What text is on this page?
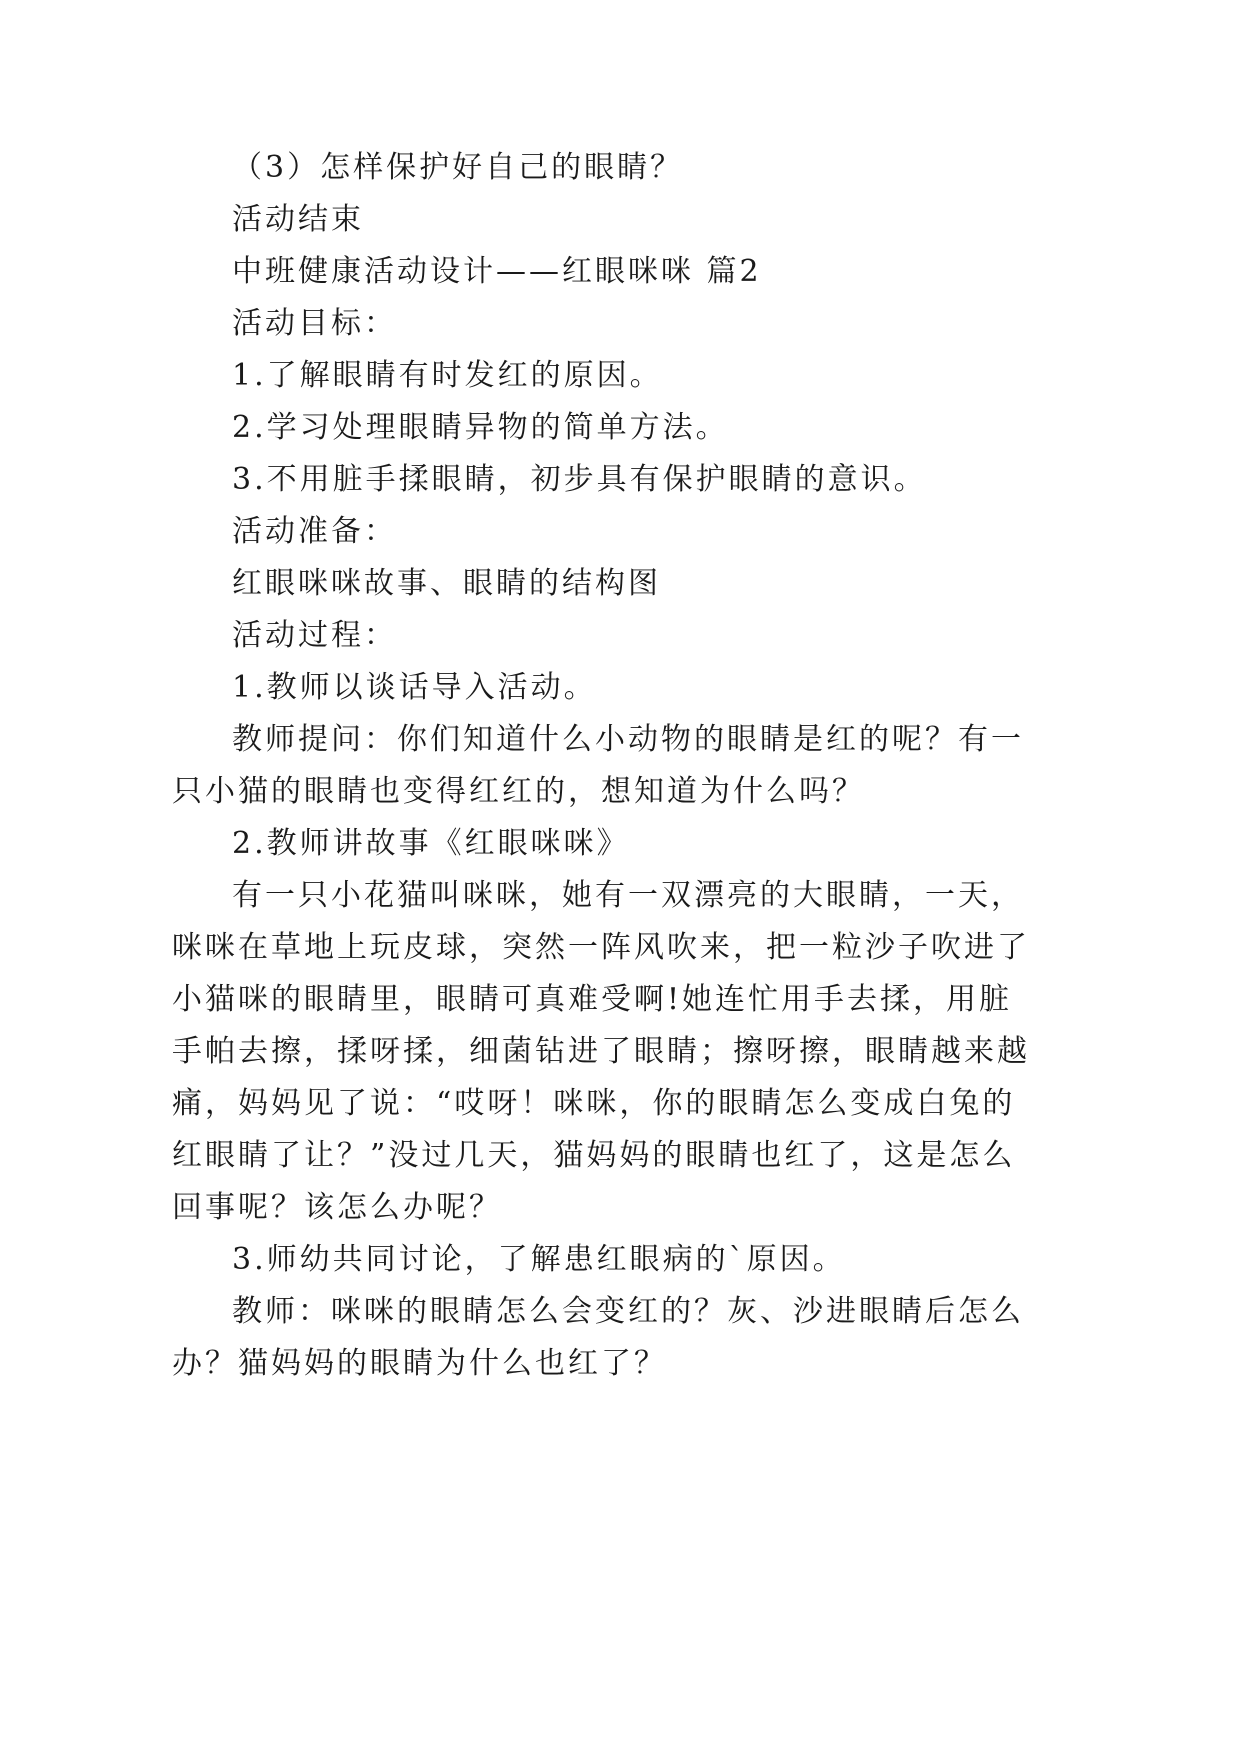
（3）怎样保护好自己的眼睛？
活动结束
中班健康活动设计——红眼咪咪 篇2
活动目标：
1.了解眼睛有时发红的原因。
2.学习处理眼睛异物的简单方法。
3.不用脏手揉眼睛，初步具有保护眼睛的意识。
活动准备：
红眼咪咪故事、眼睛的结构图
活动过程：
1.教师以谈话导入活动。
教师提问：你们知道什么小动物的眼睛是红的呢？有一
只小猫的眼睛也变得红红的，想知道为什么吗？
2.教师讲故事《红眼咪咪》
有一只小花猫叫咪咪，她有一双漂亮的大眼睛，一天，
咪咪在草地上玩皮球，突然一阵风吹来，把一粒沙子吹进了
小猫咪的眼睛里，眼睛可真难受啊!她连忙用手去揉，用脏
手帕去擦，揉呀揉，细菌钻进了眼睛；擦呀擦，眼睛越来越
痛，妈妈见了说：“哎呀！咪咪，你的眼睛怎么变成白兔的
红眼睛了让？”没过几天，猫妈妈的眼睛也红了，这是怎么
回事呢？该怎么办呢？
3.师幼共同讨论，了解患红眼病的`原因。
教师：咪咪的眼睛怎么会变红的？灰、沙进眼睛后怎么
办？猫妈妈的眼睛为什么也红了？
